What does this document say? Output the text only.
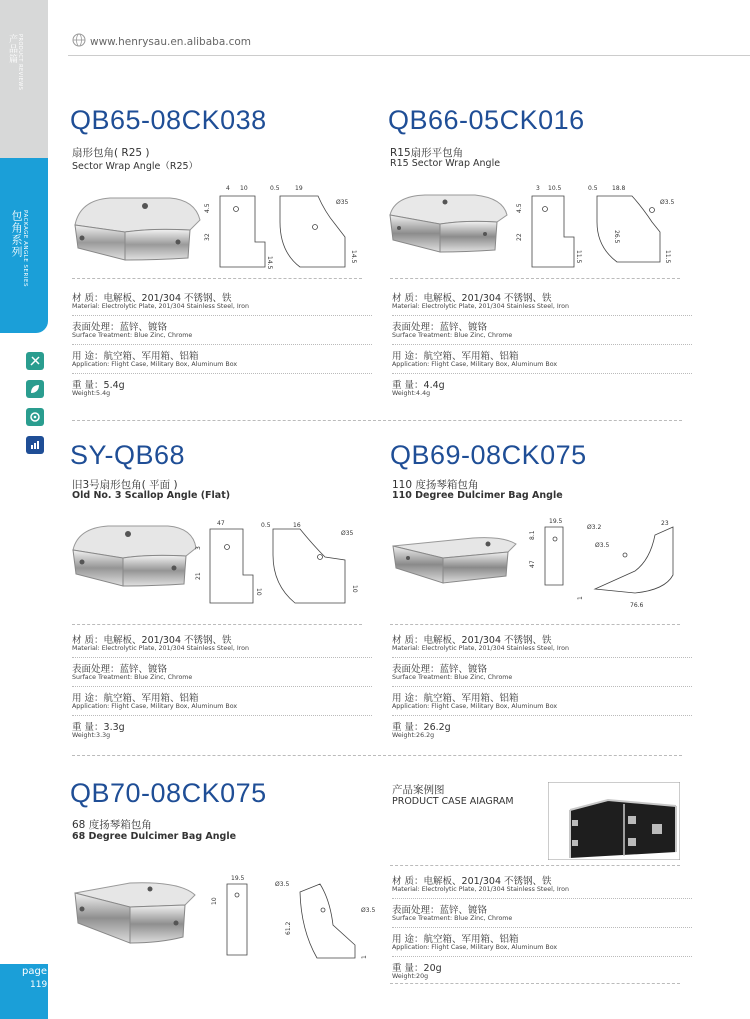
产品篇 PRODUCT REVIEWS
包角系列 PACKAGE ANGLE SERIES
page
119
www.henrysau.en.alibaba.com
QB65-08CK038
扇形包角( R25 )
Sector Wrap Angle（R25）
4 10
4.5
32
14.5
0.5	19
Ø35
14.5
材 质：电解板、201/304 不锈钢、铁
Material: Electrolytic Plate, 201/304 Stainless Steel, Iron
表面处理：蓝锌、镀铬
Surface Treatment: Blue Zinc, Chrome
用 途：航空箱、军用箱、铝箱
Application: Flight Case, Military Box, Aluminum Box
重 量：5.4g
Weight:5.4g
QB66-05CK016
R15扇形平包角
R15 Sector Wrap Angle
3 10.5
4.5
22
11.5
0.5 18.8
Ø3.5
26.5
11.5
材 质：电解板、201/304 不锈钢、铁
Material: Electrolytic Plate, 201/304 Stainless Steel, Iron
表面处理：蓝锌、镀铬
Surface Treatment: Blue Zinc, Chrome
用 途：航空箱、军用箱、铝箱
Application: Flight Case, Military Box, Aluminum Box
重 量：4.4g
Weight:4.4g
SY-QB68
旧3号扇形包角( 平面 )
Old No. 3 Scallop Angle (Flat)
47
3
21
10
0.5	16
Ø35
10
材 质：电解板、201/304 不锈钢、铁
Material: Electrolytic Plate, 201/304 Stainless Steel, Iron
表面处理：蓝锌、镀铬
Surface Treatment: Blue Zinc, Chrome
用 途：航空箱、军用箱、铝箱
Application: Flight Case, Military Box, Aluminum Box
重 量：3.3g
Weight:3.3g
QB69-08CK075
110 度扬琴箱包角
110 Degree Dulcimer Bag Angle
19.5
Ø3.2
8.1
47
23
Ø3.5
1
76.6
材 质：电解板、201/304 不锈钢、铁
Material: Electrolytic Plate, 201/304 Stainless Steel, Iron
表面处理：蓝锌、镀铬
Surface Treatment: Blue Zinc, Chrome
用 途：航空箱、军用箱、铝箱
Application: Flight Case, Military Box, Aluminum Box
重 量：26.2g
Weight:26.2g
QB70-08CK075
68 度扬琴箱包角
68 Degree Dulcimer Bag Angle
19.5
Ø3.5
10
61.2
Ø3.5
1
产品案例图
PRODUCT CASE AIAGRAM
材 质：电解板、201/304 不锈钢、铁
Material: Electrolytic Plate, 201/304 Stainless Steel, Iron
表面处理：蓝锌、镀铬
Surface Treatment: Blue Zinc, Chrome
用 途：航空箱、军用箱、铝箱
Application: Flight Case, Military Box, Aluminum Box
重 量：20g
Weight:20g
